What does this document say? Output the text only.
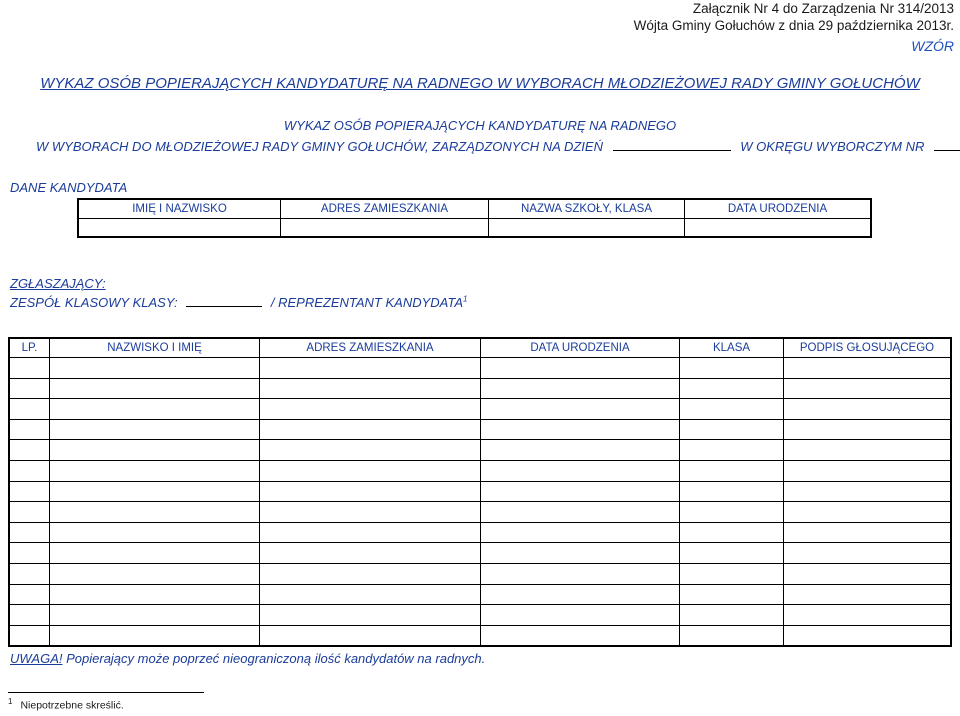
Załącznik Nr 4 do Zarządzenia Nr 314/2013
Wójta Gminy Gołuchów z dnia 29 października 2013r.
WZÓR
WYKAZ OSÓB POPIERAJĄCYCH KANDYDATURĘ NA RADNEGO W WYBORACH MŁODZIEŻOWEJ RADY GMINY GOŁUCHÓW
WYKAZ OSÓB POPIERAJĄCYCH KANDYDATURĘ NA RADNEGO
W WYBORACH DO MŁODZIEŻOWEJ RADY GMINY GOŁUCHÓW, ZARZĄDZONYCH NA DZIEŃ	W OKRĘGU WYBORCZYM NR
DANE KANDYDATA
IMIĘ I NAZWISKO	ADRES ZAMIESZKANIA	NAZWA SZKOŁY, KLASA	DATA URODZENIA

ZGŁASZAJĄCY:
ZESPÓŁ KLASOWY KLASY:	/ REPREZENTANT KANDYDATA$^1$
LP.	NAZWISKO I IMIĘ	ADRES ZAMIESZKANIA	DATA URODZENIA	KLASA	PODPIS GŁOSUJĄCEGO

UWAGA! Popierający może poprzeć nieograniczoną ilość kandydatów na radnych.
$^1$ Niepotrzebne skreślić.
